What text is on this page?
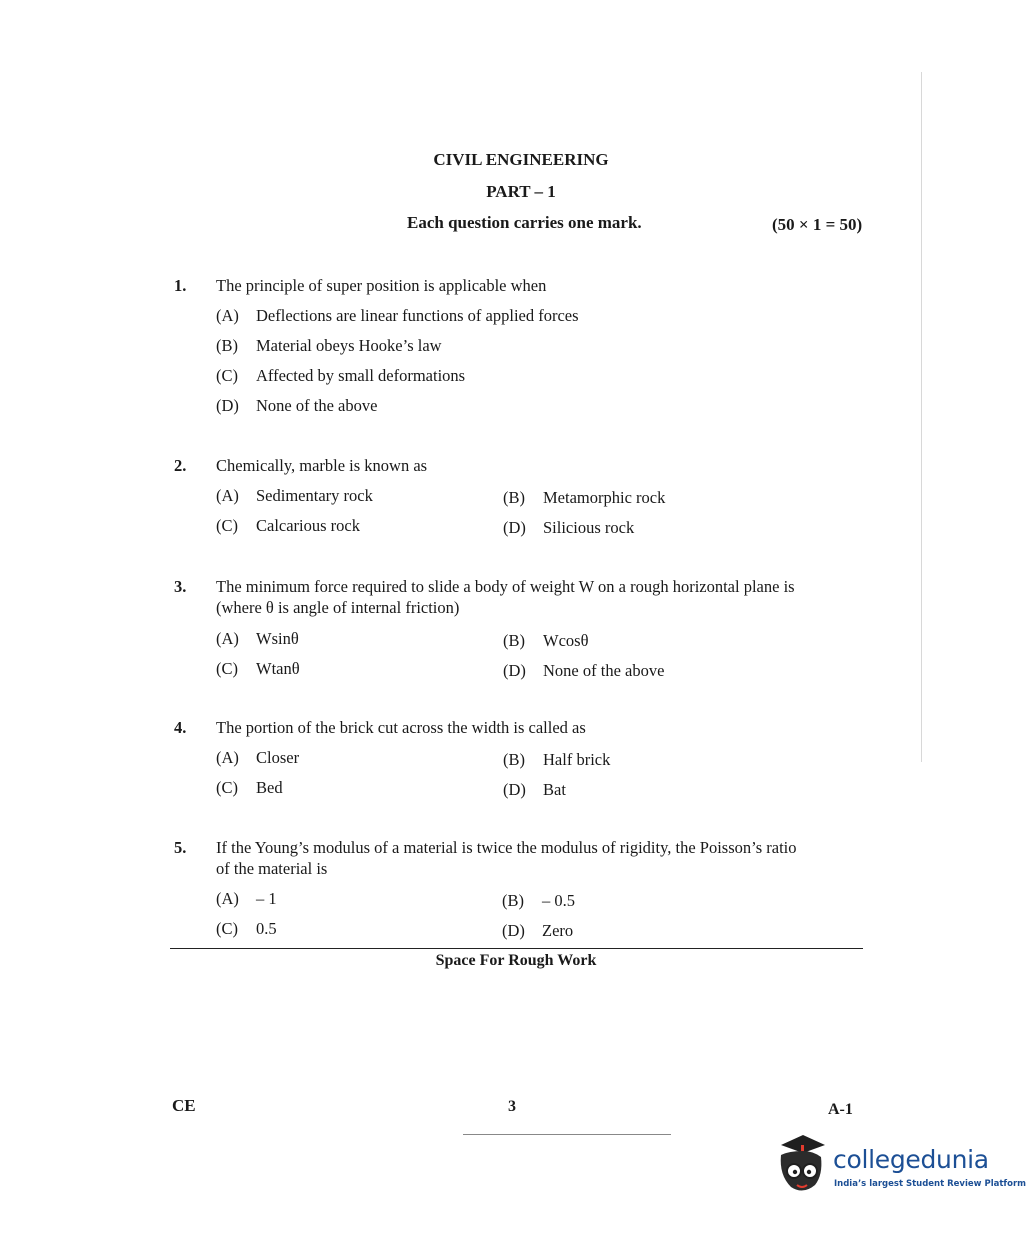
CIVIL ENGINEERING
PART – 1
Each question carries one mark.	(50 × 1 = 50)
1. The principle of super position is applicable when
(A) Deflections are linear functions of applied forces
(B) Material obeys Hooke’s law
(C) Affected by small deformations
(D) None of the above
2. Chemically, marble is known as
(A) Sedimentary rock	(B) Metamorphic rock
(C) Calcarious rock	(D) Silicious rock
3. The minimum force required to slide a body of weight W on a rough horizontal plane is
(where θ is angle of internal friction)
(A) Wsinθ	(B) Wcosθ
(C) Wtanθ	(D) None of the above
4. The portion of the brick cut across the width is called as
(A) Closer	(B) Half brick
(C) Bed	(D) Bat
5. If the Young’s modulus of a material is twice the modulus of rigidity, the Poisson’s ratio
of the material is
(A) – 1	(B) – 0.5
(C) 0.5	(D) Zero
Space For Rough Work
CE	3	A-1
collegedunia
India’s largest Student Review Platform
